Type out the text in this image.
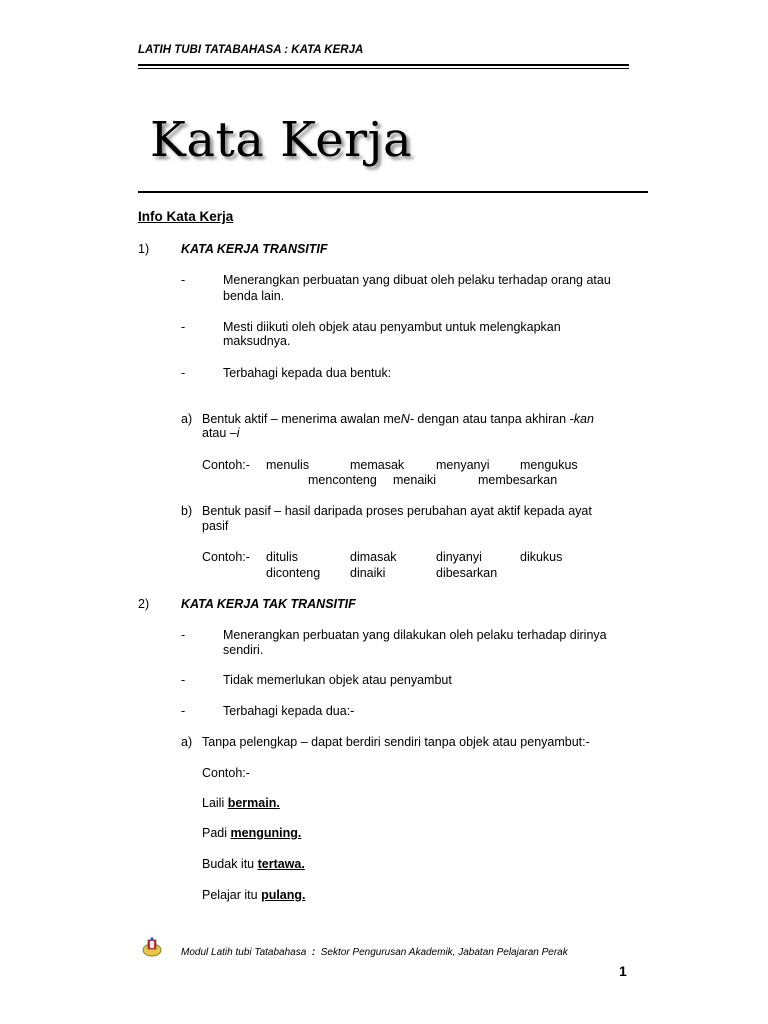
LATIH TUBI TATABAHASA : KATA KERJA
Kata Kerja
Info Kata Kerja
1)	KATA KERJA TRANSITIF
-	Menerangkan perbuatan yang dibuat oleh pelaku terhadap orang atau
benda lain.
-	Mesti diikuti oleh objek atau penyambut untuk melengkapkan
maksudnya.
-	Terbahagi kepada dua bentuk:
a) Bentuk aktif – menerima awalan meN- dengan atau tanpa akhiran -kan
atau –i
Contoh:- menulis	memasak	menyanyi mengukus
menconteng menaiki	membesarkan
b) Bentuk pasif – hasil daripada proses perubahan ayat aktif kepada ayat
pasif
Contoh:- ditulis	dimasak	dinyanyi	dikukus
diconteng dinaiki	dibesarkan
2)	KATA KERJA TAK TRANSITIF
-	Menerangkan perbuatan yang dilakukan oleh pelaku terhadap dirinya
sendiri.
-	Tidak memerlukan objek atau penyambut
-	Terbahagi kepada dua:-
a) Tanpa pelengkap – dapat berdiri sendiri tanpa objek atau penyambut:-
Contoh:-
Laili bermain.
Padi menguning.
Budak itu tertawa.
Pelajar itu pulang.
Modul Latih tubi Tatabahasa : Sektor Pengurusan Akademik, Jabatan Pelajaran Perak
1
